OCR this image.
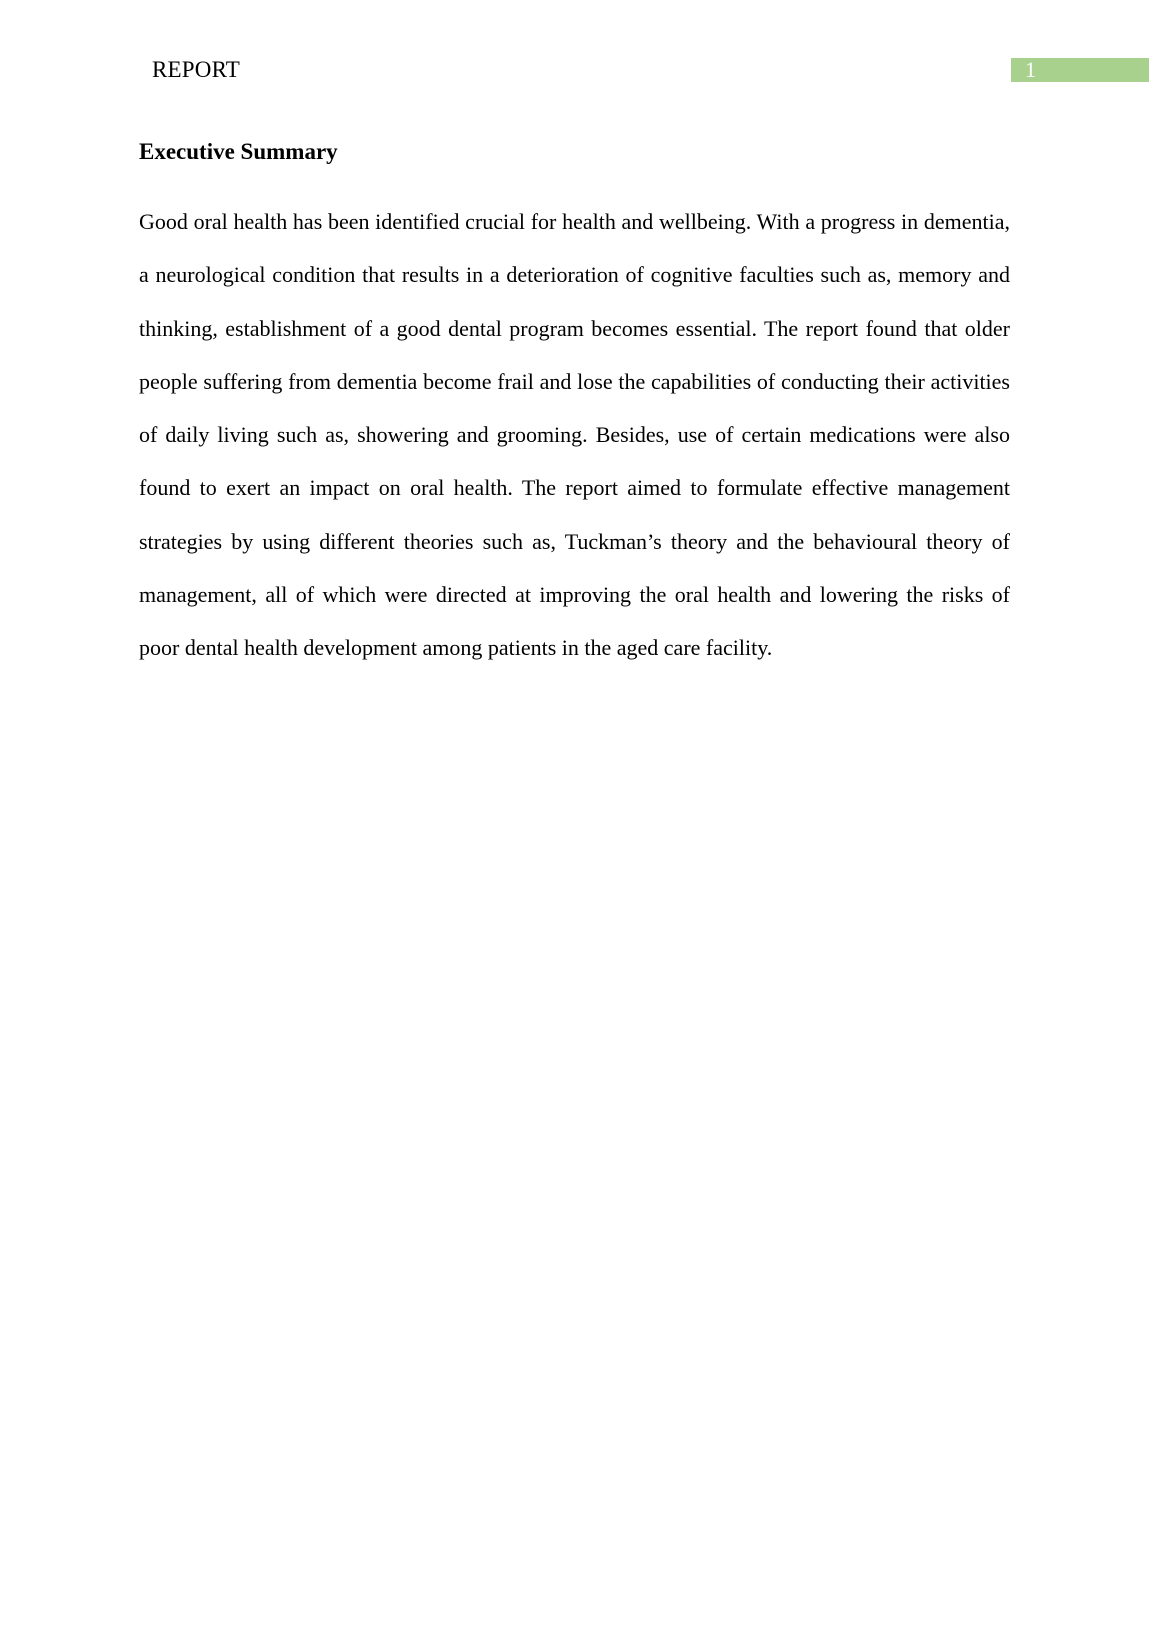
REPORT	1
Executive Summary

Good oral health has been identified crucial for health and wellbeing. With a progress in dementia, a neurological condition that results in a deterioration of cognitive faculties such as, memory and thinking, establishment of a good dental program becomes essential. The report found that older people suffering from dementia become frail and lose the capabilities of conducting their activities of daily living such as, showering and grooming. Besides, use of certain medications were also found to exert an impact on oral health. The report aimed to formulate effective management strategies by using different theories such as, Tuckman’s theory and the behavioural theory of management, all of which were directed at improving the oral health and lowering the risks of poor dental health development among patients in the aged care facility.
